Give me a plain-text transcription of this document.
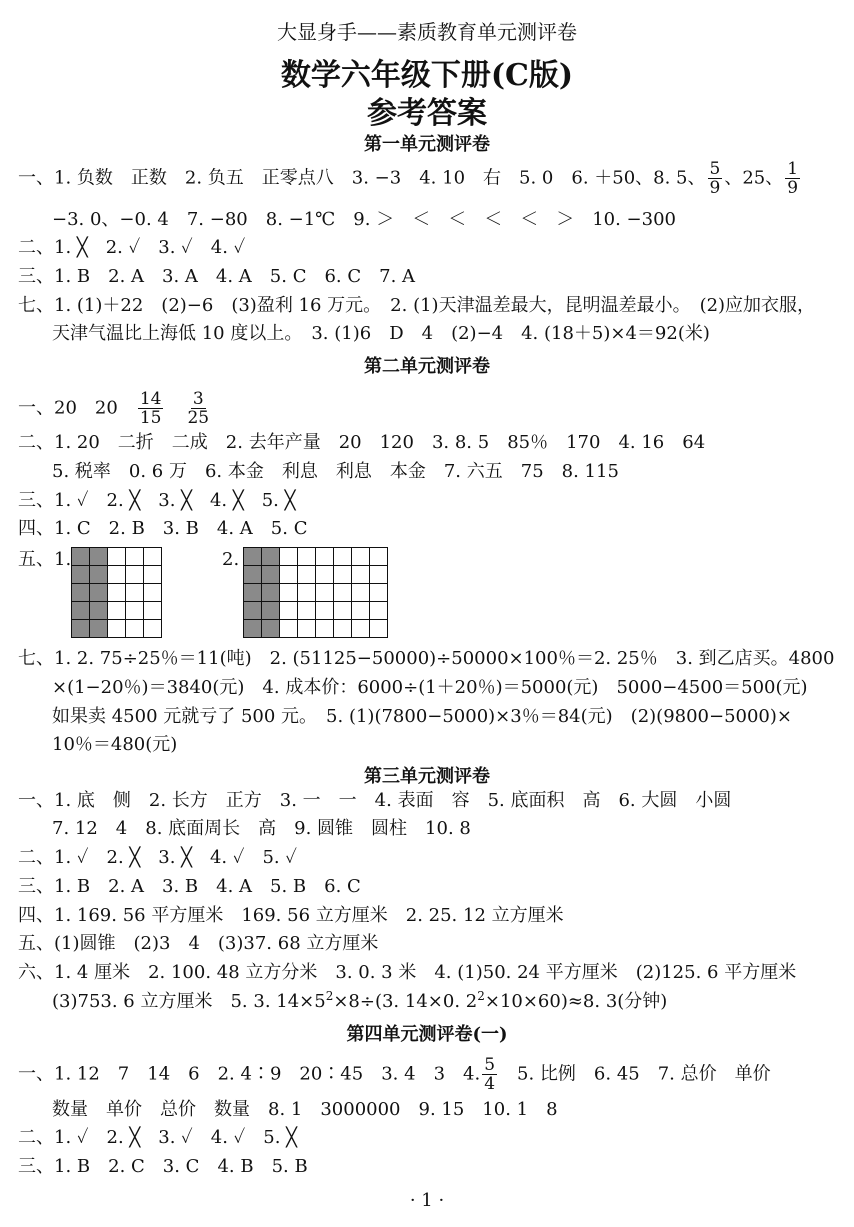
大显身手——素质教育单元测评卷
数学六年级下册(C版)
参考答案
第一单元测评卷
一、1. 负数　正数　2. 负五　正零点八　3. −3　4. 10　右　5. 0　6. ＋50、8. 5、 $\frac{5}{9}$ 、25、 $\frac{1}{9}$
−3. 0、−0. 4　7. −80　8. −1℃　9. ＞　＜　＜　＜　＜　＞　10. −300
二、1. ╳　2. ✓　3. ✓　4. ✓
三、1. B　2. A　3. A　4. A　5. C　6. C　7. A
七、1. (1)＋22　(2)−6　(3)盈利 16 万元。　2. (1)天津温差最大，昆明温差最小。　(2)应加衣服，
天津气温比上海低 10 度以上。　3. (1)6　D　4　(2)−4　4. (18＋5)×4＝92(米)
第二单元测评卷
一、20　20　 $\frac{14}{15}$
　 $\frac{3}{25}$
二、1. 20　二折　二成　2. 去年产量　20　120　3. 8. 5　85％　170　4. 16　64
5. 税率　0. 6 万　6. 本金　利息　利息　本金　7. 六五　75　8. 115
三、1. ✓　2. ╳　3. ╳　4. ╳　5. ╳
四、1. C　2. B　3. B　4. A　5. C
五、1.	2.
七、1. 2. 75÷25％＝11(吨)　2. (51125−50000)÷50000×100％＝2. 25％　3. 到乙店买。4800
×(1−20％)＝3840(元)　4. 成本价：6000÷(1＋20％)＝5000(元)　5000−4500＝500(元)
如果卖 4500 元就亏了 500 元。　5. (1)(7800−5000)×3％＝84(元)　(2)(9800−5000)×
10％＝480(元)
第三单元测评卷
一、1. 底　侧　2. 长方　正方　3. 一　一　4. 表面　容　5. 底面积　高　6. 大圆　小圆
7. 12　4　8. 底面周长　高　9. 圆锥　圆柱　10. 8
二、1. ✓　2. ╳　3. ╳　4. ✓　5. ✓
三、1. B　2. A　3. B　4. A　5. B　6. C
四、1. 169. 56 平方厘米　169. 56 立方厘米　2. 25. 12 立方厘米
五、(1)圆锥　(2)3　4　(3)37. 68 立方厘米
六、1. 4 厘米　2. 100. 48 立方分米　3. 0. 3 米　4. (1)50. 24 平方厘米　(2)125. 6 平方厘米
(3)753. 6 立方厘米　5. 3. $14\times 5^2\times 8\div(3$. 14×0. $2^2\times 10\times 60)\approx 8$. 3(分钟)
第四单元测评卷(一)
一、1. 12　7　14　6　2. 4∶9　20∶45　3. 4　3　4. $\frac{5}{4}$
　 5. 比例　6. 45　7. 总价　单价
数量　单价　总价　数量　8. 1　3000000　9. 15　10. 1　8
二、1. ✓　2. ╳　3. ✓　4. ✓　5. ╳
三、1. B　2. C　3. C　4. B　5. B
· 1 ·
